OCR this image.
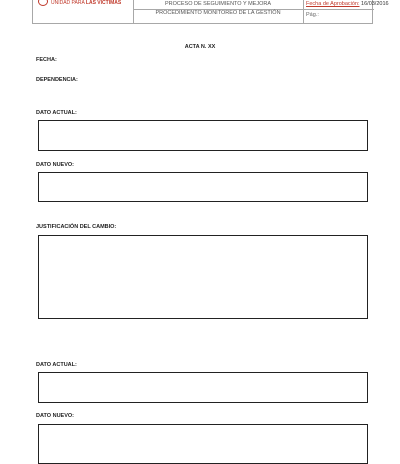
UNIDAD PARA LAS VÍCTIMAS	PROCESO DE SEGUIMIENTO Y MEJORA
PROCEDIMIENTO MONITOREO DE LA GESTIÓN
Fecha de Aprobación: 16/03/2016
Pág.:
ACTA N. XX
FECHA:
DEPENDENCIA:
DATO ACTUAL:
DATO NUEVO:
JUSTIFICACIÓN DEL CAMBIO:
DATO ACTUAL:
DATO NUEVO:
